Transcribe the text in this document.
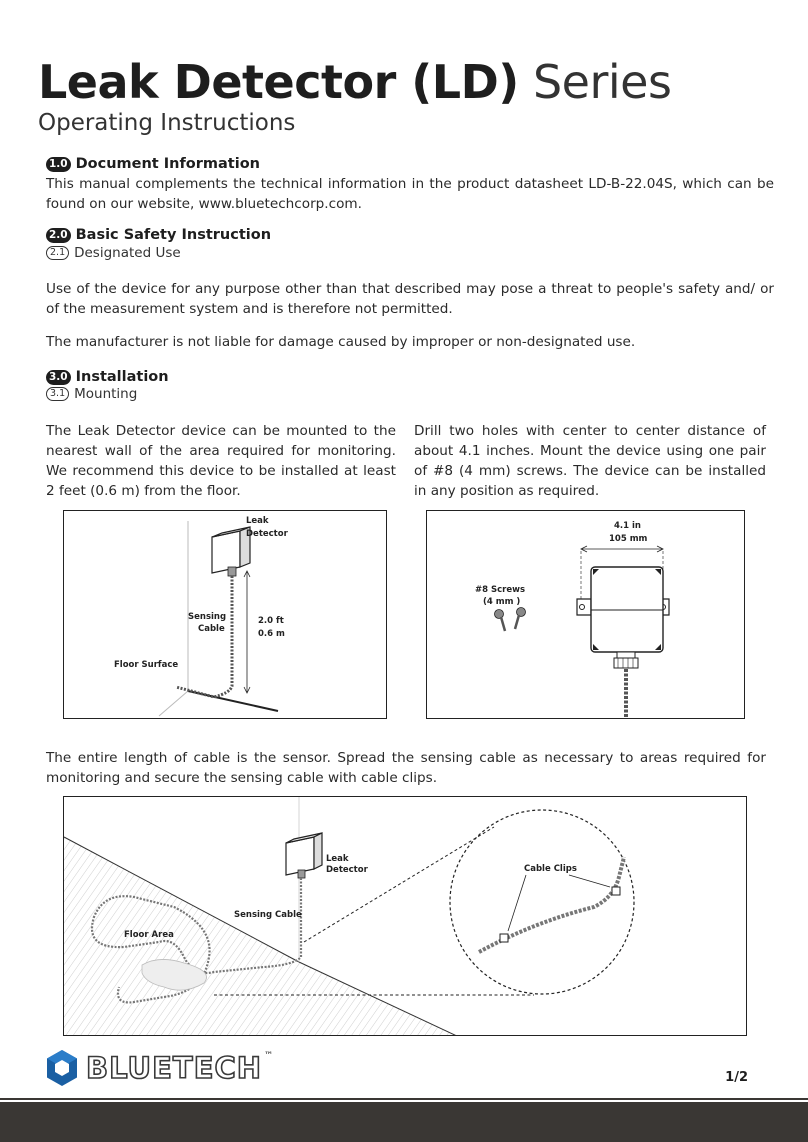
Leak Detector (LD) Series
Operating Instructions
1.0 Document Information
This manual complements the technical information in the product datasheet LD-B-22.04S, which can be found on our website, www.bluetechcorp.com.
2.0 Basic Safety Instruction
2.1 Designated Use
Use of the device for any purpose other than that described may pose a threat to people's safety and/ or of the measurement system and is therefore not permitted.
The manufacturer is not liable for damage caused by improper or non-designated use.
3.0 Installation
3.1 Mounting
The Leak Detector device can be mounted to the nearest wall of the area required for monitoring. We recommend this device to be installed at least 2 feet (0.6 m) from the floor.
Drill two holes with center to center distance of about 4.1 inches. Mount the device using one pair of #8 (4 mm) screws. The device can be installed in any position as required.
Leak
Detector
Sensing
Cable
2.0 ft
0.6 m
Floor Surface
4.1 in
105 mm
#8 Screws
(4 mm )
The entire length of cable is the sensor. Spread the sensing cable as necessary to areas required for monitoring and secure the sensing cable with cable clips.
Leak
Detector
Sensing Cable
Floor Area
Cable Clips
BLUETECH ™
1/2
